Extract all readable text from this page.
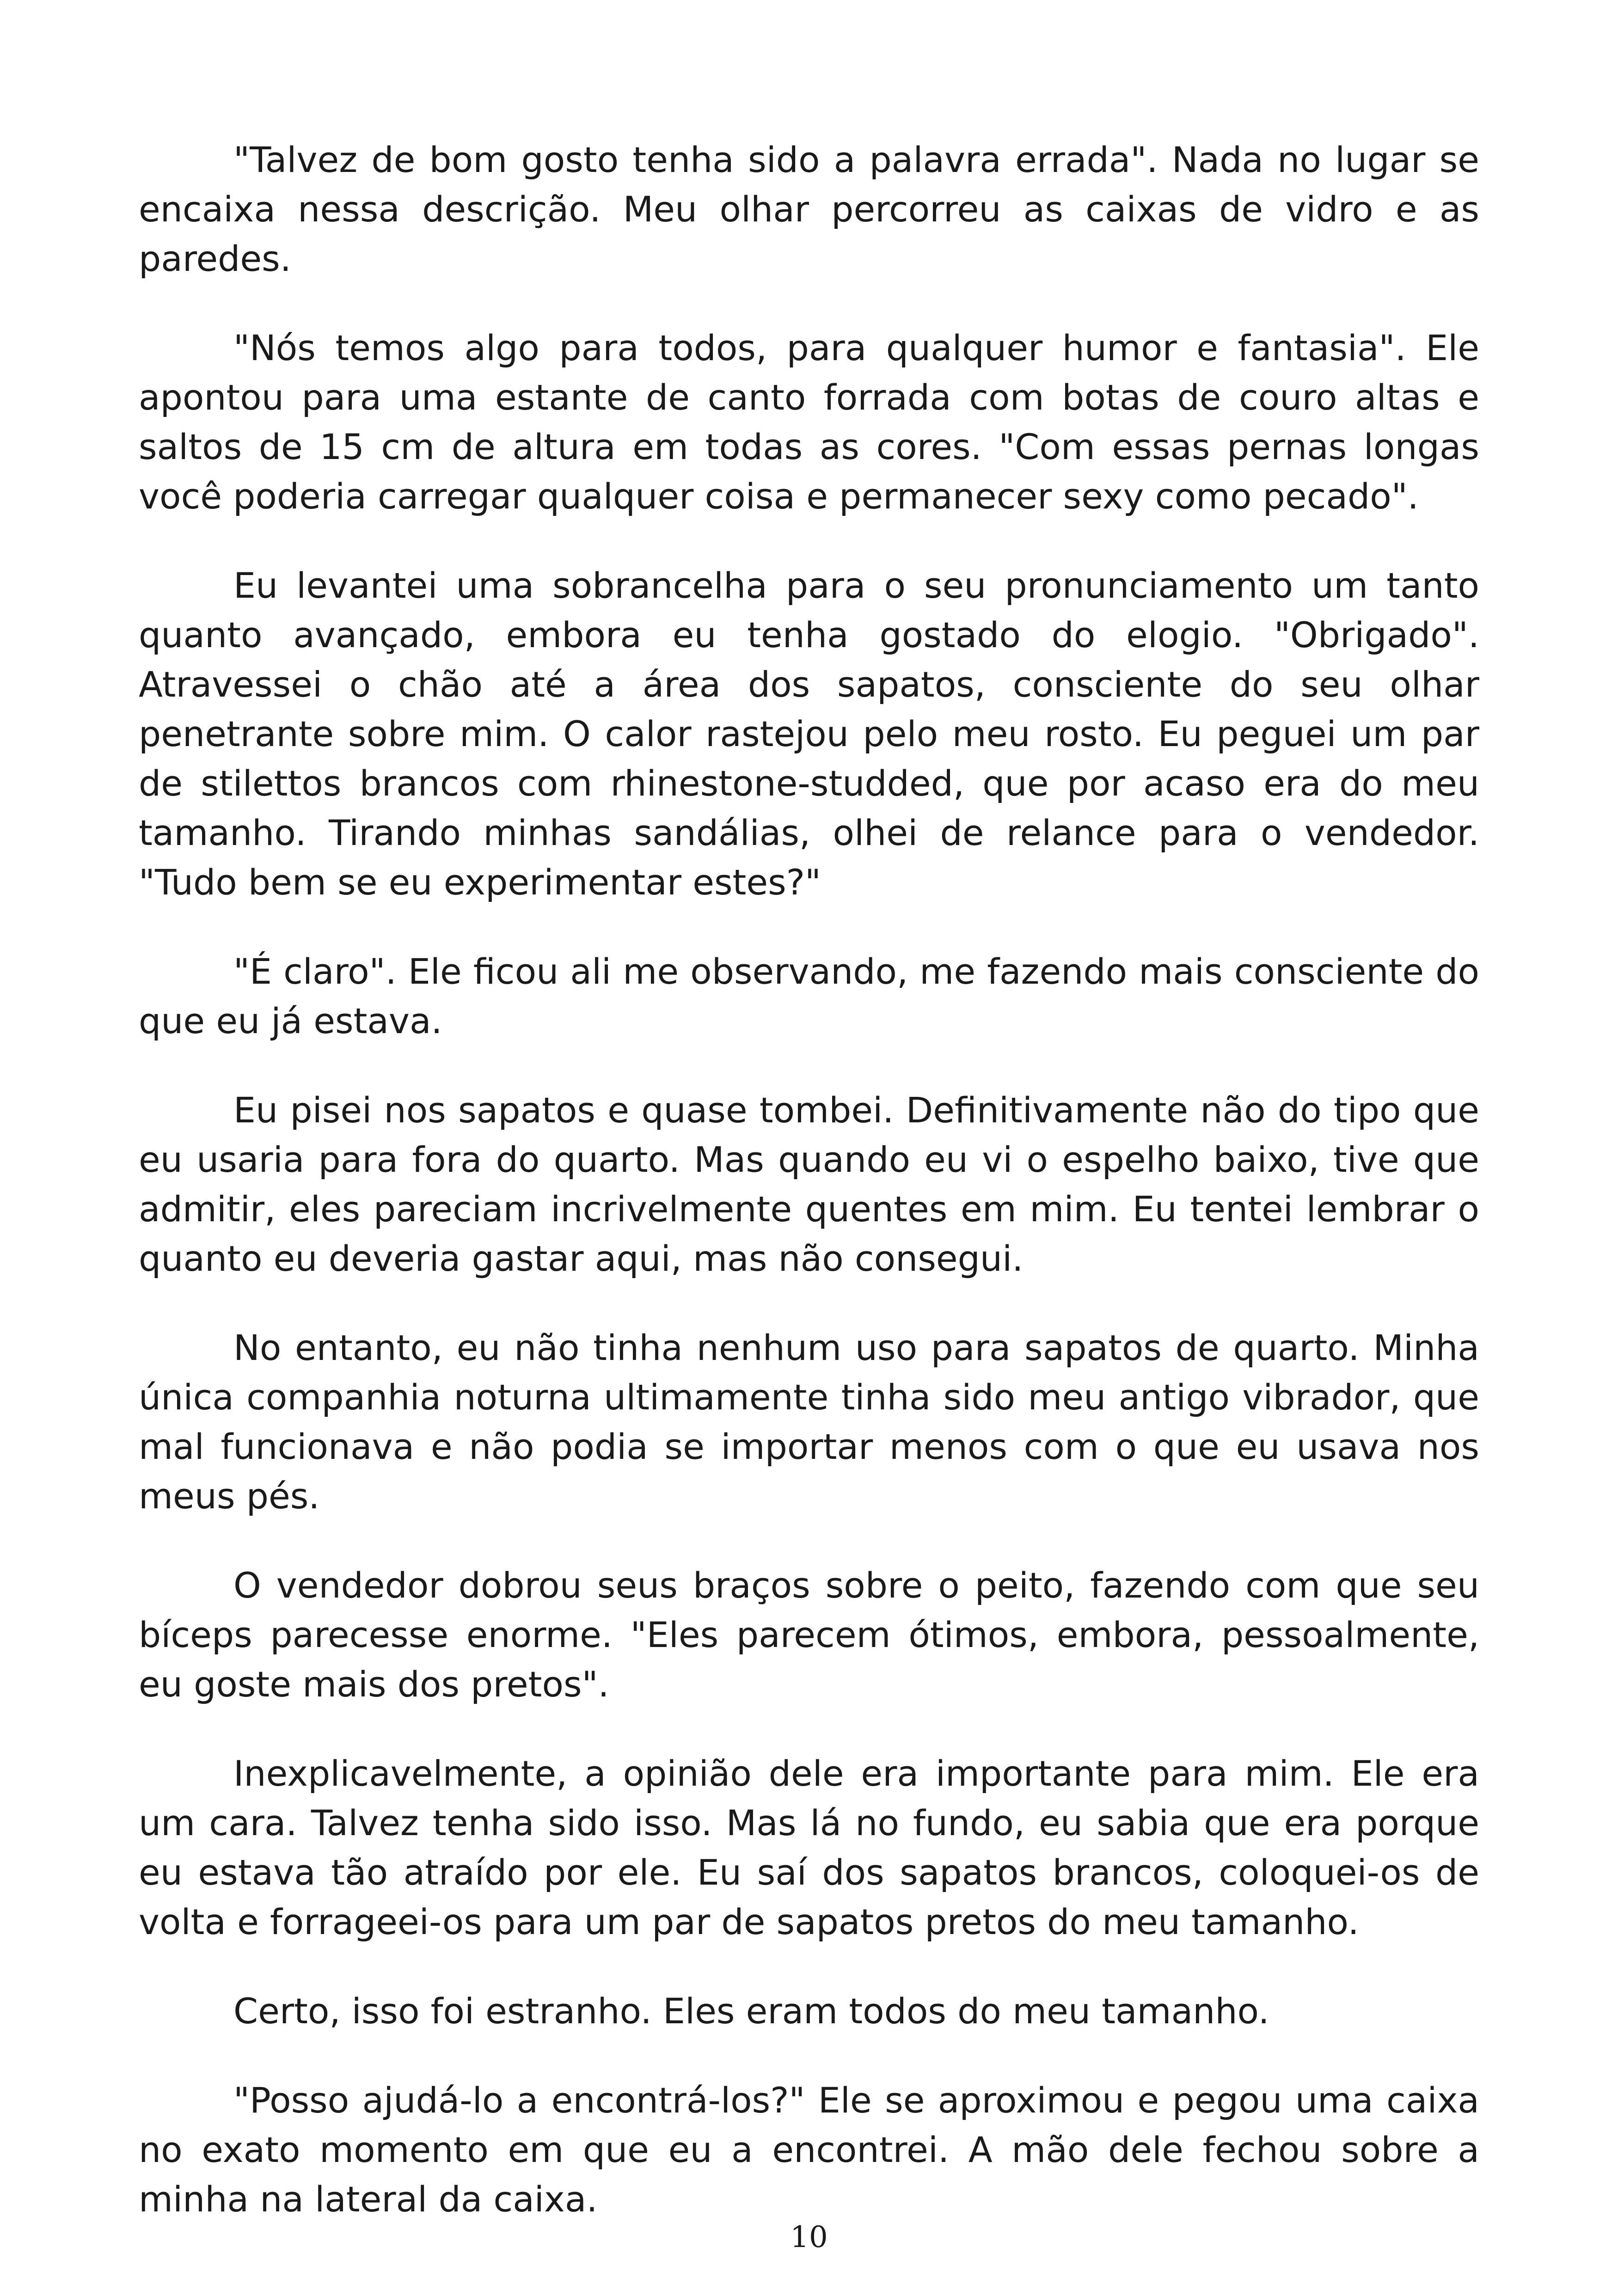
"Talvez de bom gosto tenha sido a palavra errada". Nada no lugar se encaixa nessa descrição. Meu olhar percorreu as caixas de vidro e as paredes.

"Nós temos algo para todos, para qualquer humor e fantasia". Ele apontou para uma estante de canto forrada com botas de couro altas e saltos de 15 cm de altura em todas as cores. "Com essas pernas longas você poderia carregar qualquer coisa e permanecer sexy como pecado".

Eu levantei uma sobrancelha para o seu pronunciamento um tanto quanto avançado, embora eu tenha gostado do elogio. "Obrigado". Atravessei o chão até a área dos sapatos, consciente do seu olhar penetrante sobre mim. O calor rastejou pelo meu rosto. Eu peguei um par de stilettos brancos com rhinestone-studded, que por acaso era do meu tamanho. Tirando minhas sandálias, olhei de relance para o vendedor. "Tudo bem se eu experimentar estes?"

"É claro". Ele ficou ali me observando, me fazendo mais consciente do que eu já estava.

Eu pisei nos sapatos e quase tombei. Definitivamente não do tipo que eu usaria para fora do quarto. Mas quando eu vi o espelho baixo, tive que admitir, eles pareciam incrivelmente quentes em mim. Eu tentei lembrar o quanto eu deveria gastar aqui, mas não consegui.

No entanto, eu não tinha nenhum uso para sapatos de quarto. Minha única companhia noturna ultimamente tinha sido meu antigo vibrador, que mal funcionava e não podia se importar menos com o que eu usava nos meus pés.

O vendedor dobrou seus braços sobre o peito, fazendo com que seu bíceps parecesse enorme. "Eles parecem ótimos, embora, pessoalmente, eu goste mais dos pretos".

Inexplicavelmente, a opinião dele era importante para mim. Ele era um cara. Talvez tenha sido isso. Mas lá no fundo, eu sabia que era porque eu estava tão atraído por ele. Eu saí dos sapatos brancos, coloquei-os de volta e forrageei-os para um par de sapatos pretos do meu tamanho.

Certo, isso foi estranho. Eles eram todos do meu tamanho.

"Posso ajudá-lo a encontrá-los?" Ele se aproximou e pegou uma caixa no exato momento em que eu a encontrei. A mão dele fechou sobre a minha na lateral da caixa.

10
